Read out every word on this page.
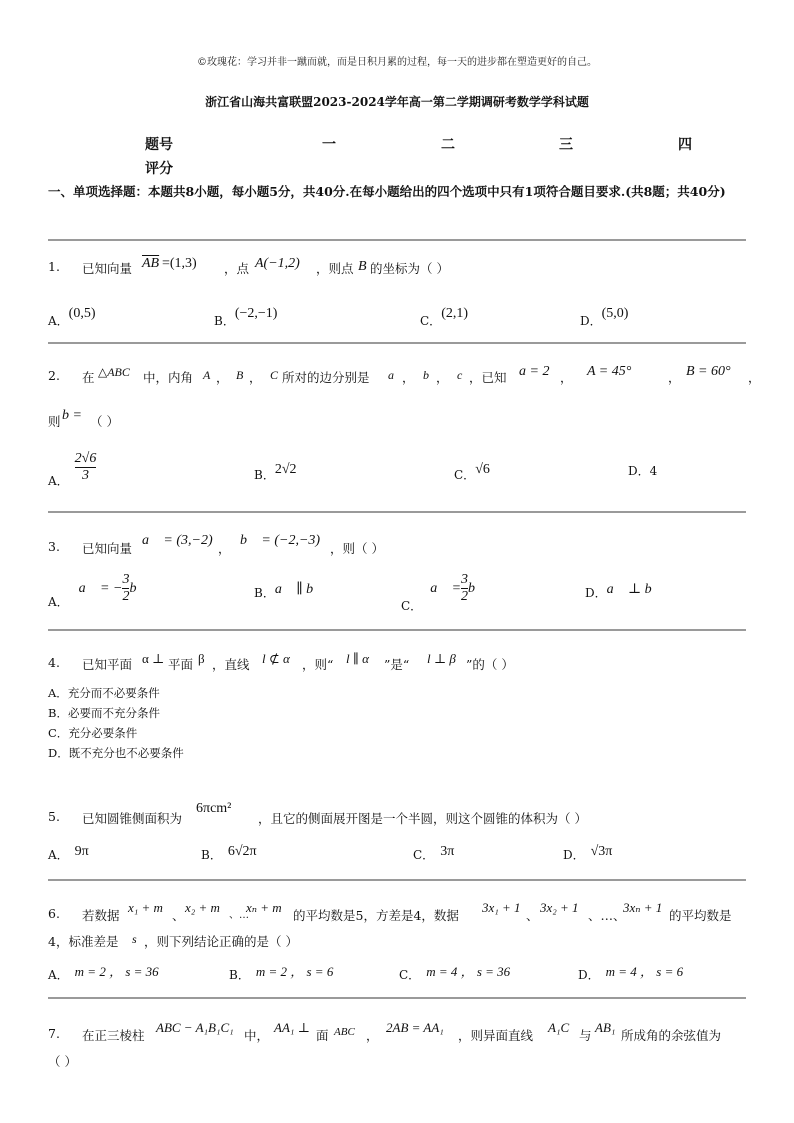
©玫瑰花：学习并非一蹴而就，而是日积月累的过程，每一天的进步都在塑造更好的自己。
浙江省山海共富联盟2023-2024学年高一第二学期调研考数学学科试题
题号	一	二	三	四
评分
一、单项选择题：本题共8小题，每小题5分，共40分.在每小题给出的四个选项中只有1项符合题目要求.(共8题；共40分)
1. 已知向量 $\overline{AB} =(1,3)$ ，点 A(−1,2) ，则点 B 的坐标为（ ）
A．(0,5)	B．(−2,−1)	C．(2,1)	D．(5,0)
2. 在 △ABC 中，内角 A ， B ， C 所对的边分别是 a ， b ， c ，已知 a = 2 ， A = 45°	， B = 60° ，
则 b = （ ）
A． $\frac{2√6}{3}$	B．2√2	C．√6	D．4
3. 已知向量
a⃗ = (3,−2)
，
b⃗ = (−2,−3)
，则（ ）
A．a⃗ = − $\frac{3}{2}$ b⃗	B．a⃗ ∥ b⃗
C．a⃗ = $\frac{3}{2}$ b⃗	D．a⃗ ⊥ b⃗
4. 已知平面 α ⊥ 平面 β ，直线 l ⊄ α ，则“ l ∥ α ”是“ l ⊥ β ”的（ ）
A．充分而不必要条件
B．必要而不充分条件
C．充分必要条件
D．既不充分也不必要条件
5. 已知圆锥侧面积为
6πcm²
，且它的侧面展开图是一个半圆，则这个圆锥的体积为（ ）
A． 9π	B． 6√2π	C． 3π	D． √3π
6. 若数据
x₁ + m
、
x₂ + m
、…
xₙ + m
的平均数是5，方差是4，数据
3x₁ + 1
、
3x₂ + 1
、…、
3xₙ + 1
的平均数是
4，标准差是 s ，则下列结论正确的是（ ）
A． m = 2 ， s = 36	B． m = 2 ， s = 6	C． m = 4 ， s = 36	D． m = 4 ， s = 6
7. 在正三棱柱
ABC − A₁B₁C₁
中，
AA₁ ⊥
面 ABC ，
2AB = AA₁
，则异面直线
A₁C
与
AB₁
所成角的余弦值为
（ ）
